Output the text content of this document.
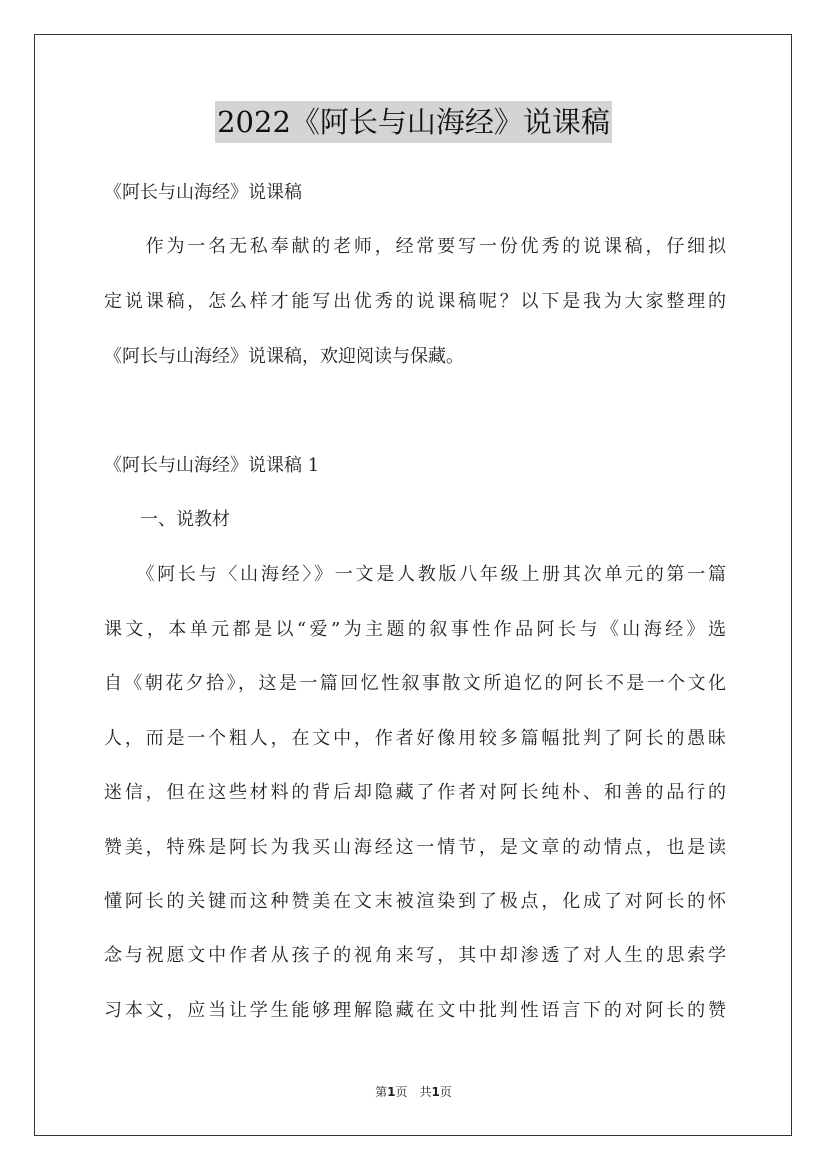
2022《阿长与山海经》说课稿
《阿长与山海经》说课稿
　　作为一名无私奉献的老师，经常要写一份优秀的说课稿，仔细拟
定说课稿，怎么样才能写出优秀的说课稿呢？以下是我为大家整理的
《阿长与山海经》说课稿，欢迎阅读与保藏。
《阿长与山海经》说课稿 1
　　一、说教材
　　《阿长与〈山海经〉》一文是人教版八年级上册其次单元的第一篇
课文，本单元都是以“爱”为主题的叙事性作品阿长与《山海经》选
自《朝花夕拾》，这是一篇回忆性叙事散文所追忆的阿长不是一个文化
人，而是一个粗人，在文中，作者好像用较多篇幅批判了阿长的愚昧
迷信，但在这些材料的背后却隐藏了作者对阿长纯朴、和善的品行的
赞美，特殊是阿长为我买山海经这一情节，是文章的动情点，也是读
懂阿长的关键而这种赞美在文末被渲染到了极点，化成了对阿长的怀
念与祝愿文中作者从孩子的视角来写，其中却渗透了对人生的思索学
习本文，应当让学生能够理解隐藏在文中批判性语言下的对阿长的赞
第1页　共1页
